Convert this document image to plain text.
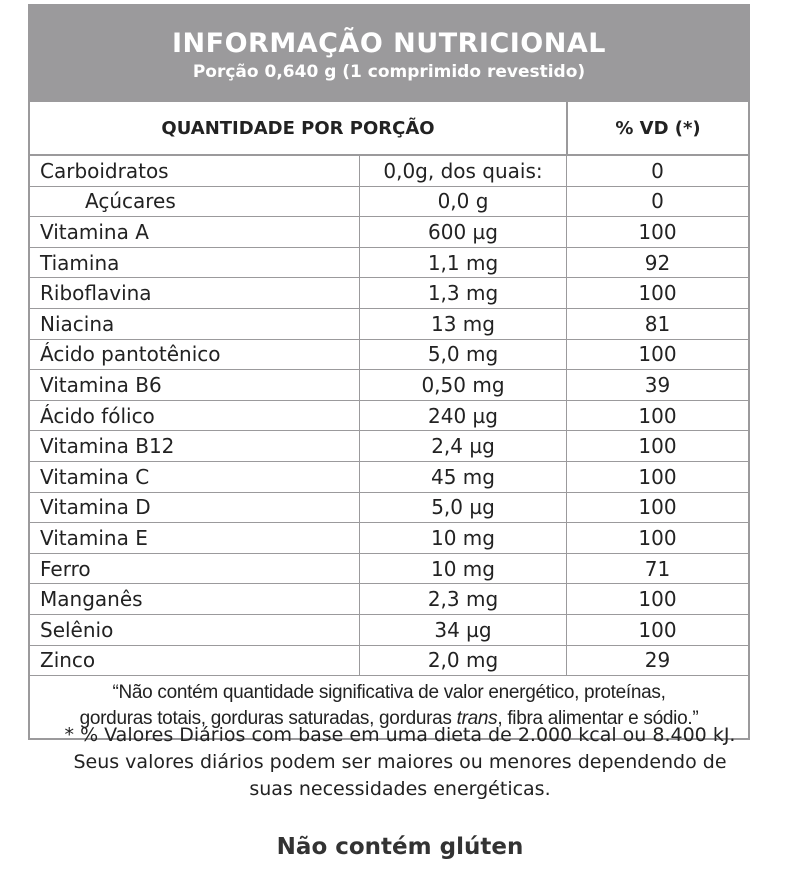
INFORMAÇÃO NUTRICIONAL
Porção 0,640 g (1 comprimido revestido)
QUANTIDADE POR PORÇÃO	% VD (*)
Carboidratos	0,0g, dos quais:	0
Açúcares	0,0 g	0
Vitamina A	600 µg	100
Tiamina	1,1 mg	92
Riboflavina	1,3 mg	100
Niacina	13 mg	81
Ácido pantotênico	5,0 mg	100
Vitamina B6	0,50 mg	39
Ácido fólico	240 µg	100
Vitamina B12	2,4 µg	100
Vitamina C	45 mg	100
Vitamina D	5,0 µg	100
Vitamina E	10 mg	100
Ferro	10 mg	71
Manganês	2,3 mg	100
Selênio	34 µg	100
Zinco	2,0 mg	29
“Não contém quantidade significativa de valor energético, proteínas,
gorduras totais, gorduras saturadas, gorduras trans, fibra alimentar e sódio.”
* % Valores Diários com base em uma dieta de 2.000 kcal ou 8.400 kJ.
Seus valores diários podem ser maiores ou menores dependendo de
suas necessidades energéticas.
Não contém glúten
